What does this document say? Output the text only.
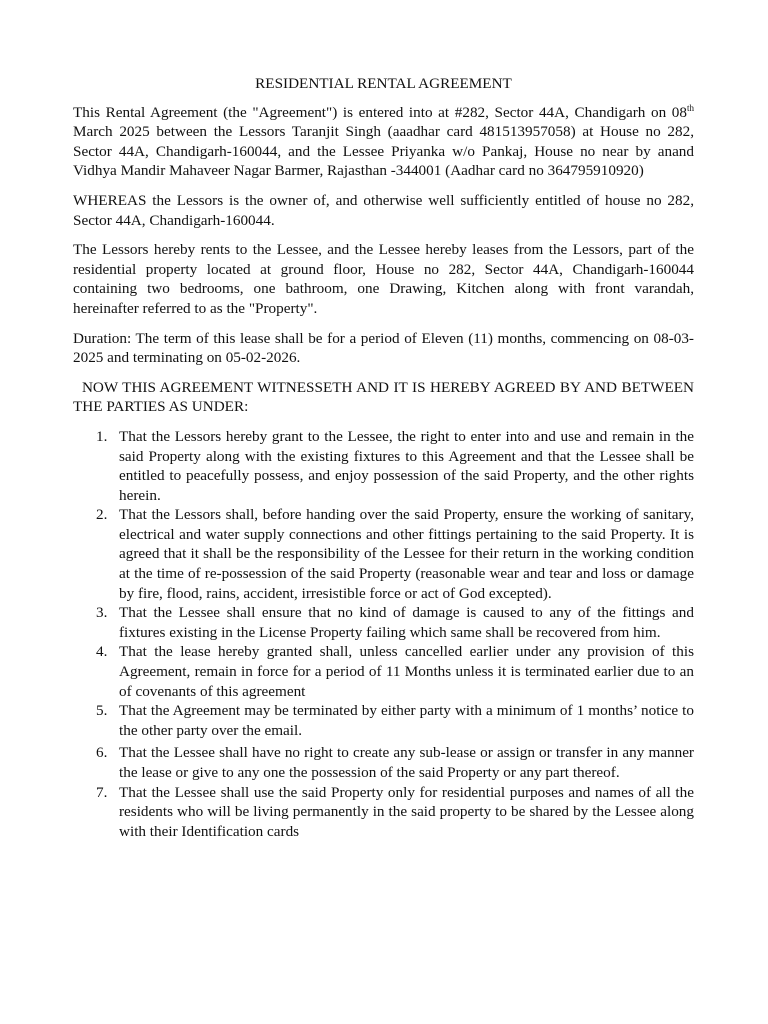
RESIDENTIAL RENTAL AGREEMENT

This Rental Agreement (the "Agreement") is entered into at #282, Sector 44A, Chandigarh on 08th  March 2025 between the Lessors Taranjit Singh (aaadhar card 481513957058) at House no 282, Sector 44A, Chandigarh-160044, and the Lessee Priyanka w/o Pankaj, House no near by anand Vidhya Mandir Mahaveer Nagar Barmer, Rajasthan -344001 (Aadhar card no 364795910920)

WHEREAS the Lessors is the owner of, and otherwise well sufficiently entitled of house no 282, Sector 44A, Chandigarh-160044.

The Lessors hereby rents to the Lessee, and the Lessee hereby leases from the Lessors, part of the residential property located at ground floor, House no 282, Sector 44A, Chandigarh-160044 containing two bedrooms, one bathroom, one Drawing, Kitchen along with front varandah, hereinafter referred to as the "Property".

Duration: The term of this lease shall be for a period of Eleven (11) months, commencing on 08-03-2025 and terminating on 05-02-2026.

NOW THIS AGREEMENT WITNESSETH AND IT IS HEREBY AGREED BY AND BETWEEN THE PARTIES AS UNDER:
1. That the Lessors hereby grant to the Lessee, the right to enter into and use and remain in the said Property along with the existing fixtures to this Agreement and that the Lessee shall be entitled to peacefully possess, and enjoy possession of the said Property, and the other rights herein.
2. That the Lessors shall, before handing over the said Property, ensure the working of sanitary, electrical and water supply connections and other fittings pertaining to the said Property. It is agreed that it shall be the responsibility of the Lessee for their return in the working condition at the time of re-possession of the said Property (reasonable wear and tear and loss or damage by fire, flood, rains, accident, irresistible force or act of God excepted).
3. That the Lessee shall ensure that no kind of damage is caused to any of the fittings and fixtures existing in the License Property failing which same shall be recovered from him.
4. That the lease hereby granted shall, unless cancelled earlier under any provision of this Agreement, remain in force for a period of 11 Months unless it is terminated earlier due to an of covenants of this agreement
5. That the Agreement may be terminated by either party with a minimum of 1 months’ notice to the other party over the email.
6. That the Lessee shall have no right to create any sub-lease or assign or transfer in any manner the lease or give to any one the possession of the said Property or any part thereof.
7. That the Lessee shall use the said Property only for residential purposes and names of all the residents who will be living permanently in the said property to be shared by the Lessee along with their Identification cards
